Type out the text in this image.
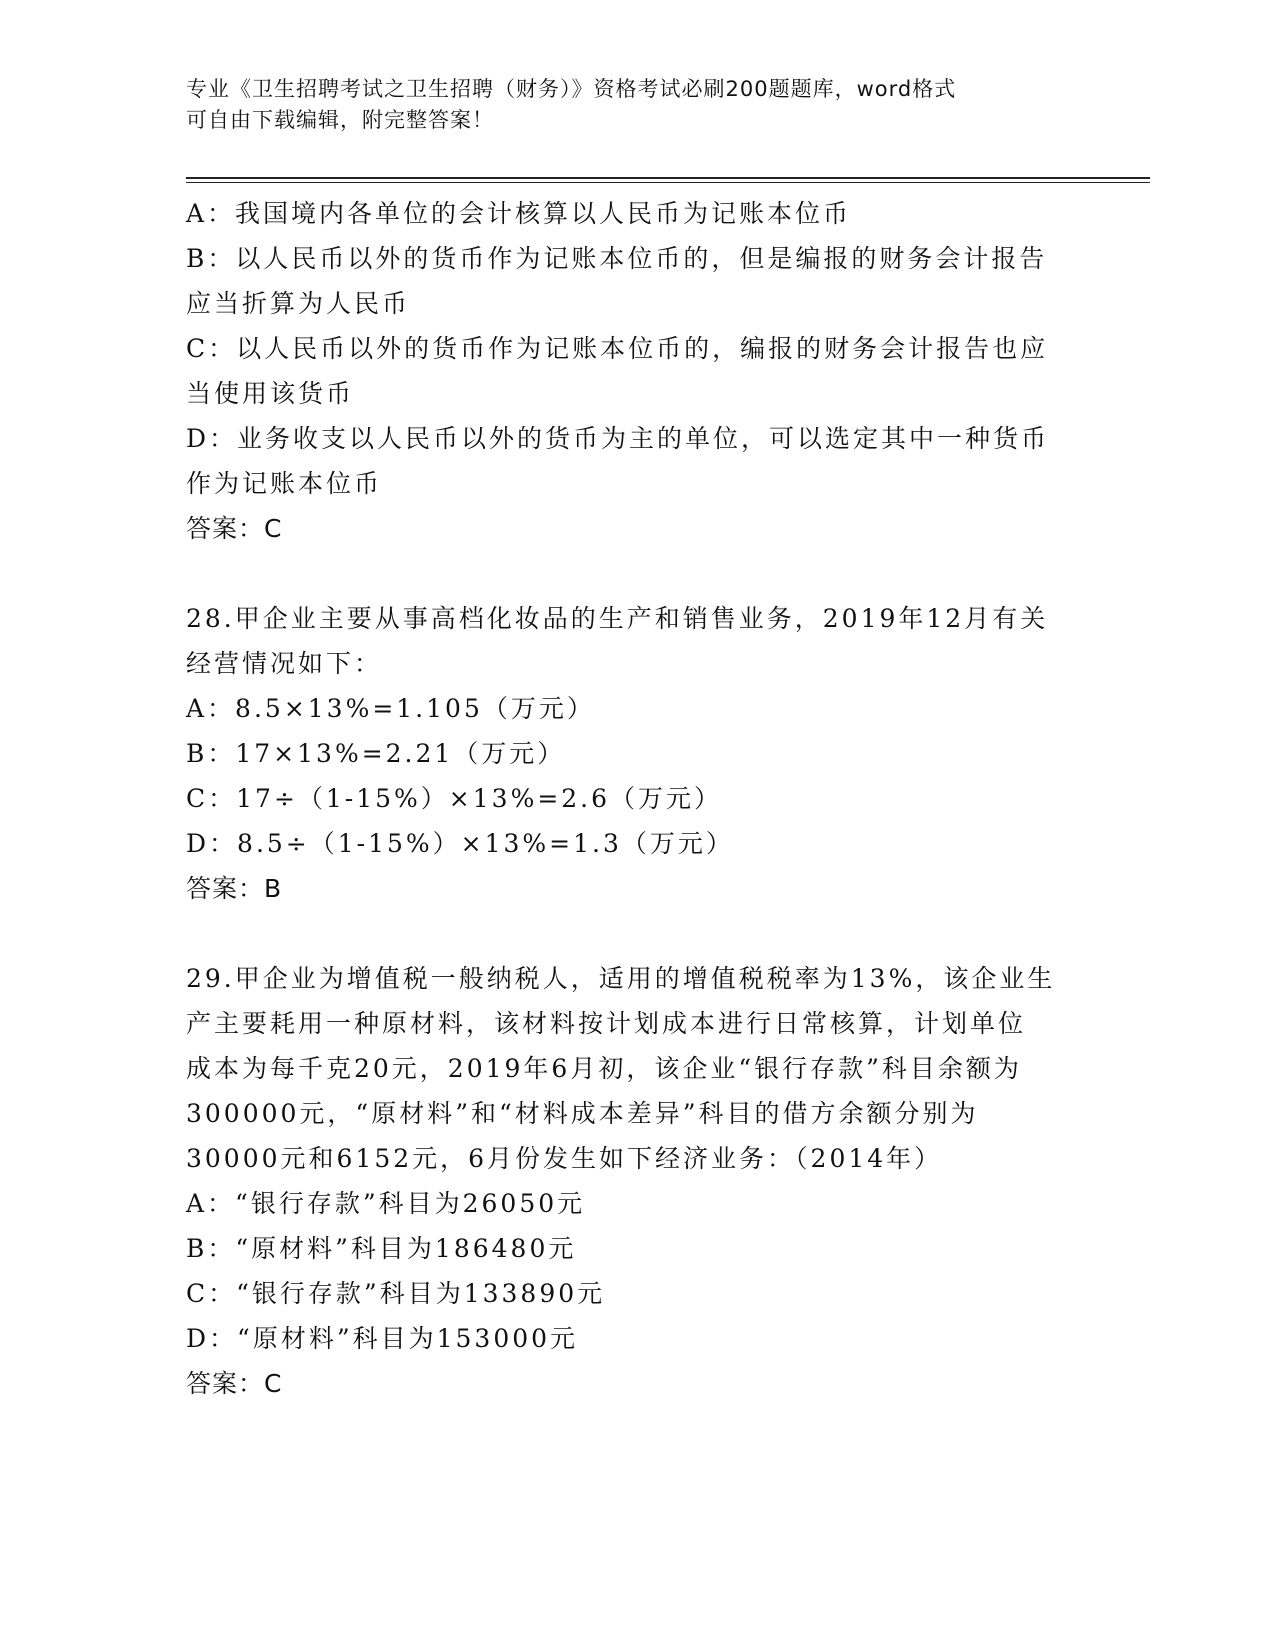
专业《卫生招聘考试之卫生招聘（财务）》资格考试必刷200题题库，word格式
可自由下载编辑，附完整答案！
A：我国境内各单位的会计核算以人民币为记账本位币
B：以人民币以外的货币作为记账本位币的，但是编报的财务会计报告
应当折算为人民币
C：以人民币以外的货币作为记账本位币的，编报的财务会计报告也应
当使用该货币
D：业务收支以人民币以外的货币为主的单位，可以选定其中一种货币
作为记账本位币
答案：C
28.甲企业主要从事高档化妆品的生产和销售业务，2019年12月有关
经营情况如下：
A：8.5×13%=1.105（万元）
B：17×13%=2.21（万元）
C：17÷（1-15%）×13%=2.6（万元）
D：8.5÷（1-15%）×13%=1.3（万元）
答案：B
29.甲企业为增值税一般纳税人，适用的增值税税率为13%，该企业生
产主要耗用一种原材料，该材料按计划成本进行日常核算，计划单位
成本为每千克20元，2019年6月初，该企业“银行存款”科目余额为
300000元，“原材料”和“材料成本差异”科目的借方余额分别为
30000元和6152元，6月份发生如下经济业务：（2014年）
A：“银行存款”科目为26050元
B：“原材料”科目为186480元
C：“银行存款”科目为133890元
D：“原材料”科目为153000元
答案：C
